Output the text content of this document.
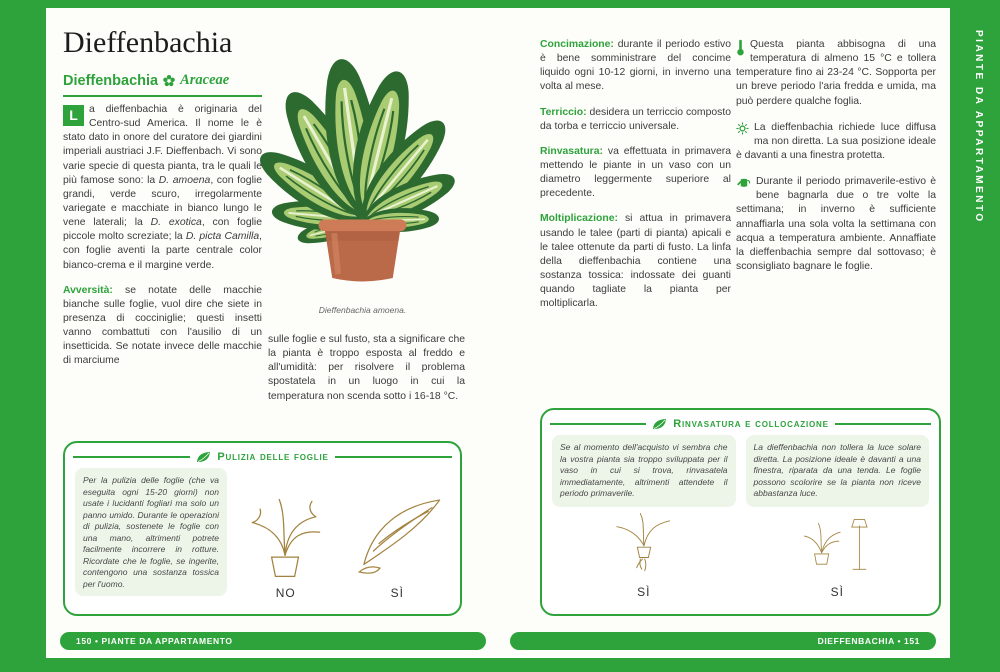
Dieffenbachia
Dieffenbachia Araceae

L	a dieffenbachia è originaria del Centro-sud America. Il nome le è stato dato in onore del curatore dei giardini imperiali austriaci J.F. Dieffenbach. Vi sono varie specie di questa pianta, tra le quali le più famose sono: la D. amoena, con foglie grandi, verde scuro, irregolarmente variegate e macchiate in bianco lungo le vene laterali; la D. exotica, con foglie piccole molto screziate; la D. picta Camilla, con foglie aventi la parte centrale color bianco-crema e il margine verde.

Avversità: se notate delle macchie bianche sulle foglie, vuol dire che siete in presenza di cocciniglie; questi insetti vanno combattuti con l'ausilio di un insetticida. Se notate invece delle macchie di marciume

Dieffenbachia amoena.

sulle foglie e sul fusto, sta a significare che la pianta è troppo esposta al freddo e all'umidità: per risolvere il problema spostatela in un luogo in cui la temperatura non scenda sotto i 16-18 °C.

Pulizia delle foglie
Per la pulizia delle foglie (che va eseguita ogni 15-20 giorni) non usate i lucidanti fogliari ma solo un panno umido. Durante le operazioni di pulizia, sostenete le foglie con una mano, altrimenti potrete facilmente incorrere in rotture. Ricordate che le foglie, se ingerite, contengono una sostanza tossica per l'uomo.
NO	SÌ

Concimazione: durante il periodo estivo è bene somministrare del concime liquido ogni 10-12 giorni, in inverno una volta al mese.

Terriccio: desidera un terriccio composto da torba e terriccio universale.

Rinvasatura: va effettuata in primavera mettendo le piante in un vaso con un diametro leggermente superiore al precedente.

Moltiplicazione: si attua in primavera usando le talee (parti di pianta) apicali e le talee ottenute da parti di fusto. La linfa della dieffenbachia contiene una sostanza tossica: indossate dei guanti quando tagliate la pianta per moltiplicarla.

Questa pianta abbisogna di una temperatura di almeno 15 °C e tollera temperature fino ai 23-24 °C. Sopporta per un breve periodo l'aria fredda e umida, ma può perdere qualche foglia.

La dieffenbachia richiede luce diffusa ma non diretta. La sua posizione ideale è davanti a una finestra protetta.

Durante il periodo primaverile-estivo è bene bagnarla due o tre volte la settimana; in inverno è sufficiente annaffiarla una sola volta la settimana con acqua a temperatura ambiente. Annaffiate la dieffenbachia sempre dal sottovaso; è sconsigliato bagnare le foglie.

Rinvasatura e collocazione
Se al momento dell'acquisto vi sembra che la vostra pianta sia troppo sviluppata per il vaso in cui si trova, rinvasatela immediatamente, altrimenti attendete il periodo primaverile.
SÌ
La dieffenbachia non tollera la luce solare diretta. La posizione ideale è davanti a una finestra, riparata da una tenda. Le foglie possono scolorire se la pianta non riceve abbastanza luce.
SÌ
150 • PIANTE DA APPARTAMENTO	DIEFFENBACHIA • 151
PIANTE DA APPARTAMENTO
